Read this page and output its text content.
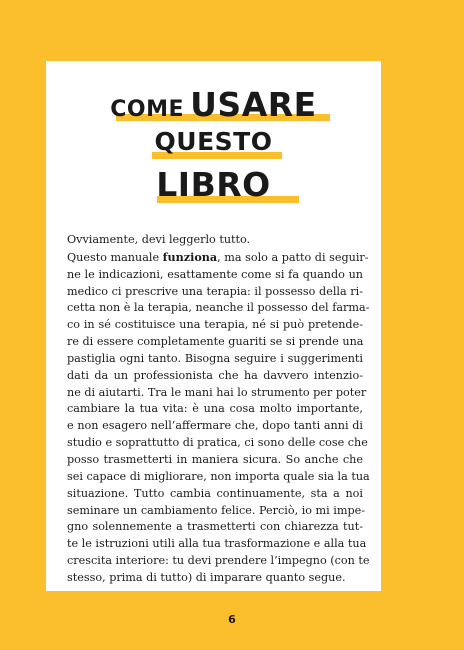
COME USARE
QUESTO
LIBRO
Ovviamente, devi leggerlo tutto.
Questo manuale funziona, ma solo a patto di seguir-
ne le indicazioni, esattamente come si fa quando un
medico ci prescrive una terapia: il possesso della ri-
cetta non è la terapia, neanche il possesso del farma-
co in sé costituisce una terapia, né si può pretende-
re di essere completamente guariti se si prende una
pastiglia ogni tanto. Bisogna seguire i suggerimenti
dati da un professionista che ha davvero intenzio-
ne di aiutarti. Tra le mani hai lo strumento per poter
cambiare la tua vita: è una cosa molto importante,
e non esagero nell’affermare che, dopo tanti anni di
studio e soprattutto di pratica, ci sono delle cose che
posso trasmetterti in maniera sicura. So anche che
sei capace di migliorare, non importa quale sia la tua
situazione. Tutto cambia continuamente, sta a noi
seminare un cambiamento felice. Perciò, io mi impe-
gno solennemente a trasmetterti con chiarezza tut-
te le istruzioni utili alla tua trasformazione e alla tua
crescita interiore: tu devi prendere l’impegno (con te
stesso, prima di tutto) di imparare quanto segue.
6
